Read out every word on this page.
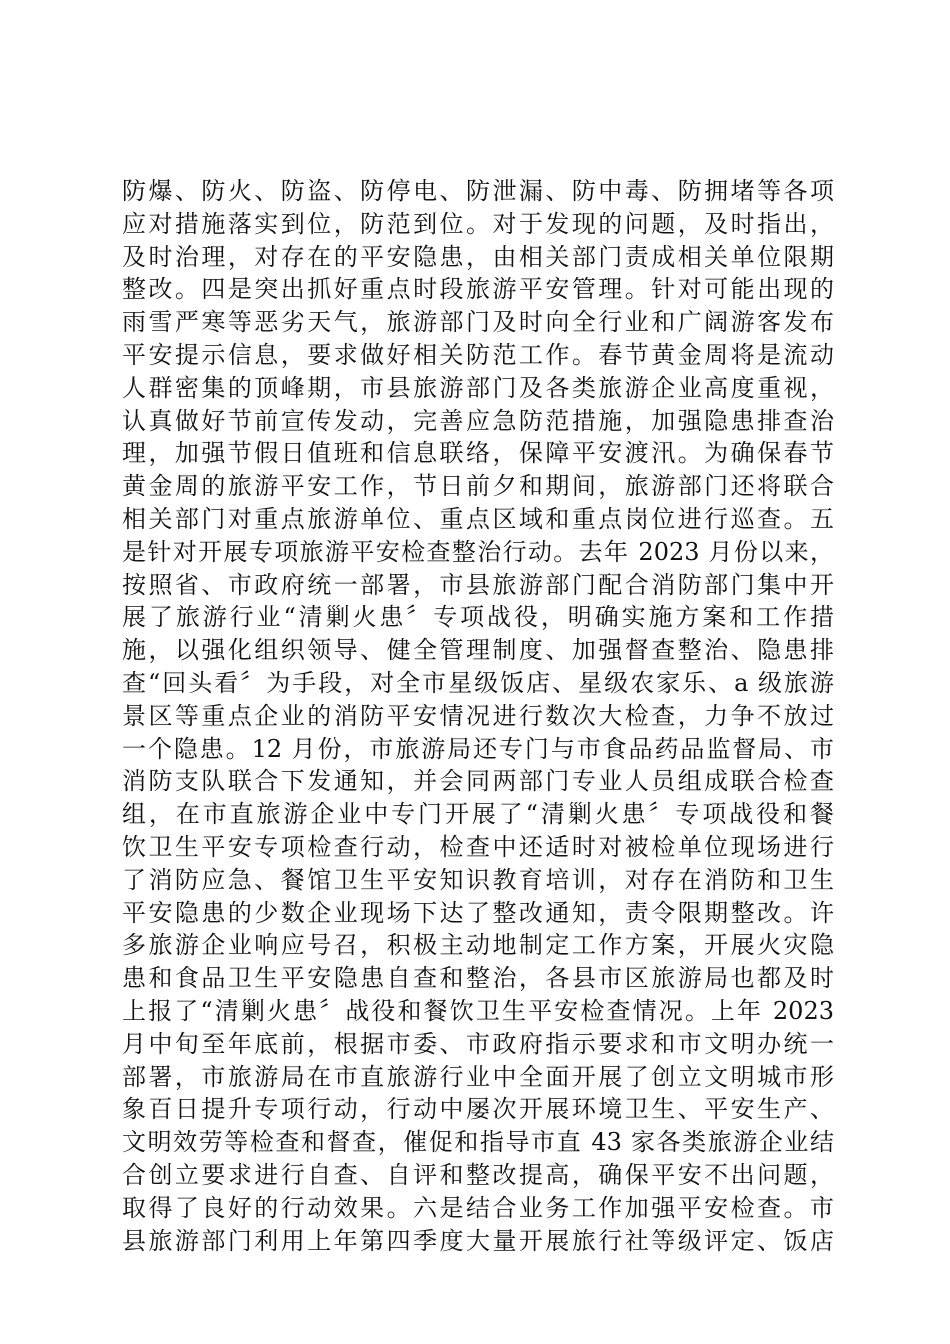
防爆、防火、防盗、防停电、防泄漏、防中毒、防拥堵等各项
应对措施落实到位，防范到位。对于发现的问题，及时指出，
及时治理，对存在的平安隐患，由相关部门责成相关单位限期
整改。四是突出抓好重点时段旅游平安管理。针对可能出现的
雨雪严寒等恶劣天气，旅游部门及时向全行业和广阔游客发布
平安提示信息，要求做好相关防范工作。春节黄金周将是流动
人群密集的顶峰期，市县旅游部门及各类旅游企业高度重视，
认真做好节前宣传发动，完善应急防范措施，加强隐患排查治
理，加强节假日值班和信息联络，保障平安渡汛。为确保春节
黄金周的旅游平安工作，节日前夕和期间，旅游部门还将联合
相关部门对重点旅游单位、重点区域和重点岗位进行巡查。五
是针对开展专项旅游平安检查整治行动。去年 2023 月份以来，
按照省、市政府统一部署，市县旅游部门配合消防部门集中开
展了旅游行业“清剿火患〞专项战役，明确实施方案和工作措
施，以强化组织领导、健全管理制度、加强督查整治、隐患排
查“回头看〞为手段，对全市星级饭店、星级农家乐、a 级旅游
景区等重点企业的消防平安情况进行数次大检查，力争不放过
一个隐患。12 月份，市旅游局还专门与市食品药品监督局、市
消防支队联合下发通知，并会同两部门专业人员组成联合检查
组，在市直旅游企业中专门开展了“清剿火患〞专项战役和餐
饮卫生平安专项检查行动，检查中还适时对被检单位现场进行
了消防应急、餐馆卫生平安知识教育培训，对存在消防和卫生
平安隐患的少数企业现场下达了整改通知，责令限期整改。许
多旅游企业响应号召，积极主动地制定工作方案，开展火灾隐
患和食品卫生平安隐患自查和整治，各县市区旅游局也都及时
上报了“清剿火患〞战役和餐饮卫生平安检查情况。上年 2023
月中旬至年底前，根据市委、市政府指示要求和市文明办统一
部署，市旅游局在市直旅游行业中全面开展了创立文明城市形
象百日提升专项行动，行动中屡次开展环境卫生、平安生产、
文明效劳等检查和督查，催促和指导市直 43 家各类旅游企业结
合创立要求进行自查、自评和整改提高，确保平安不出问题，
取得了良好的行动效果。六是结合业务工作加强平安检查。市
县旅游部门利用上年第四季度大量开展旅行社等级评定、饭店
